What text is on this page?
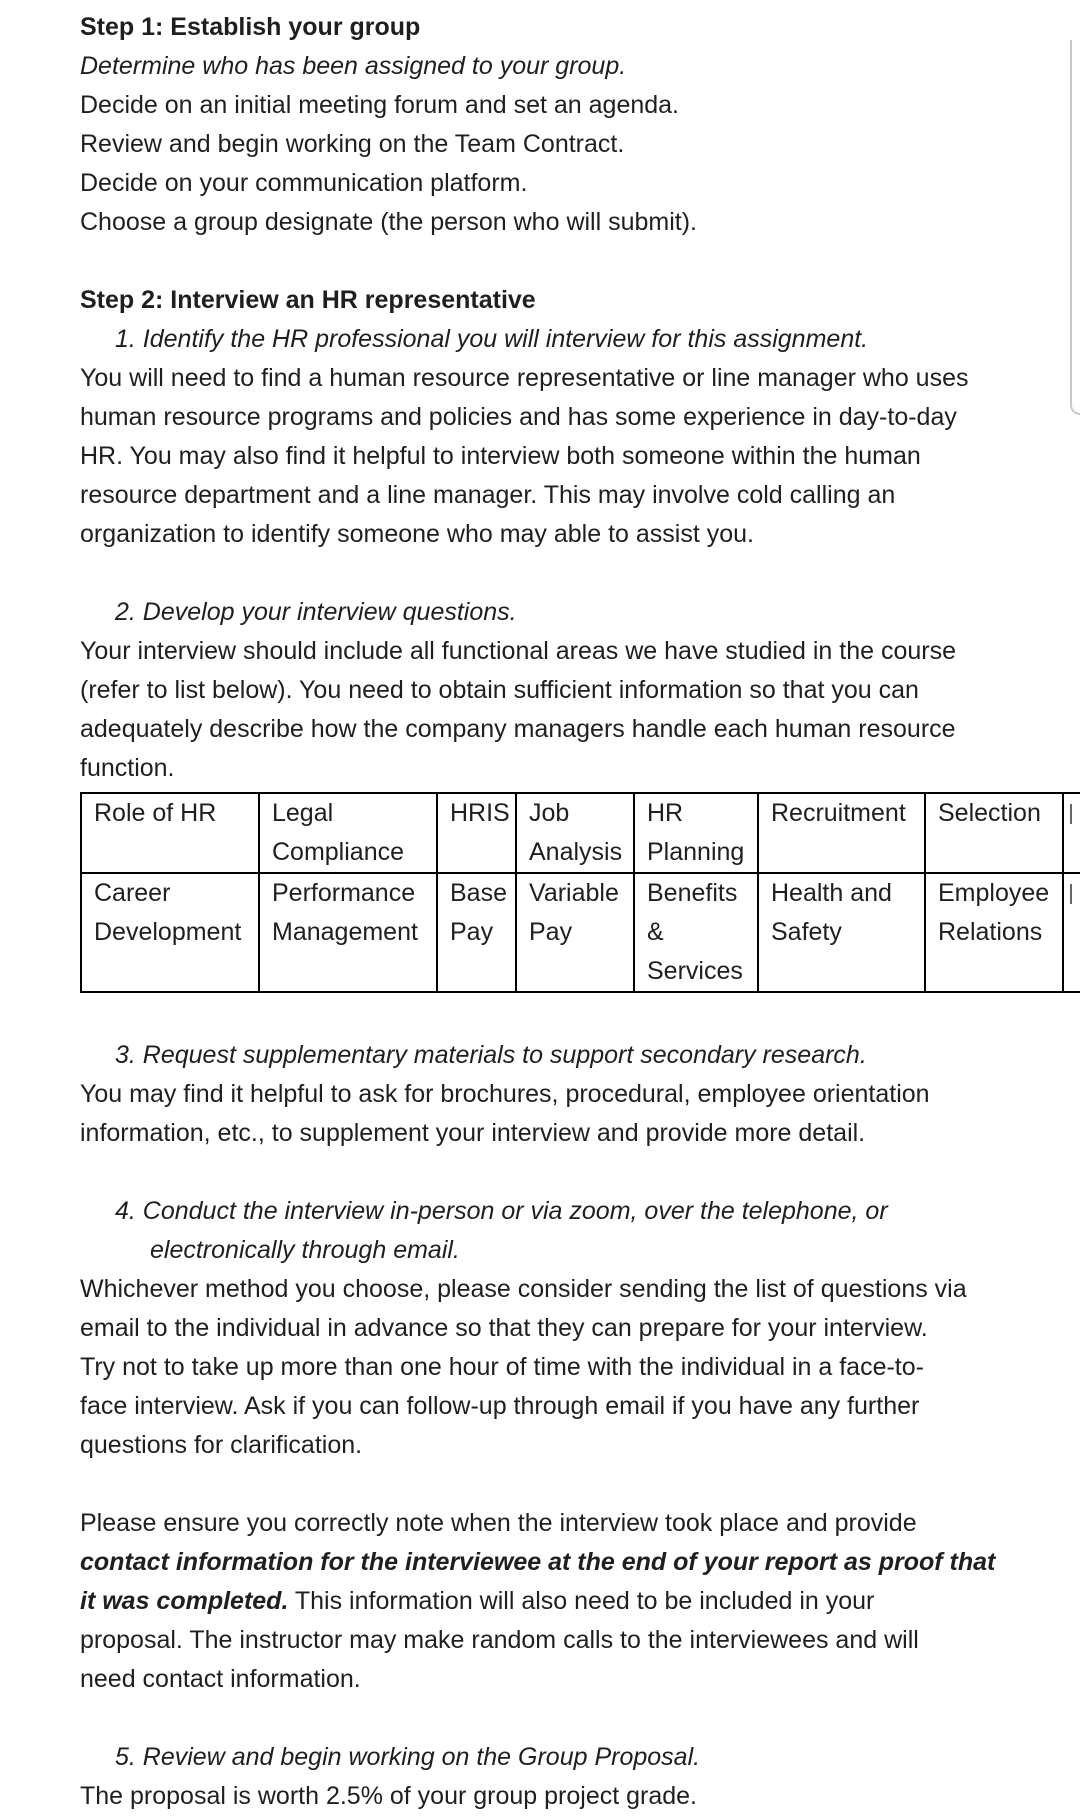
Step 1: Establish your group
Determine who has been assigned to your group.
Decide on an initial meeting forum and set an agenda.
Review and begin working on the Team Contract.
Decide on your communication platform.
Choose a group designate (the person who will submit).
Step 2: Interview an HR representative
1. Identify the HR professional you will interview for this assignment.
You will need to find a human resource representative or line manager who uses
human resource programs and policies and has some experience in day-to-day
HR. You may also find it helpful to interview both someone within the human
resource department and a line manager. This may involve cold calling an
organization to identify someone who may able to assist you.
2. Develop your interview questions.
Your interview should include all functional areas we have studied in the course
(refer to list below). You need to obtain sufficient information so that you can
adequately describe how the company managers handle each human resource
function.
Role of HR	Legal Compliance	HRIS	Job Analysis	HR Planning	Recruitment	Selection	

Career Development	Performance Management	Base Pay	Variable Pay	Benefits & Services	Health and Safety	Employee Relations	
3. Request supplementary materials to support secondary research.
You may find it helpful to ask for brochures, procedural, employee orientation
information, etc., to supplement your interview and provide more detail.
4. Conduct the interview in-person or via zoom, over the telephone, or
electronically through email.
Whichever method you choose, please consider sending the list of questions via
email to the individual in advance so that they can prepare for your interview.
Try not to take up more than one hour of time with the individual in a face-to-
face interview. Ask if you can follow-up through email if you have any further
questions for clarification.
Please ensure you correctly note when the interview took place and provide
contact information for the interviewee at the end of your report as proof that
it was completed. This information will also need to be included in your
proposal. The instructor may make random calls to the interviewees and will
need contact information.
5. Review and begin working on the Group Proposal.
The proposal is worth 2.5% of your group project grade.
